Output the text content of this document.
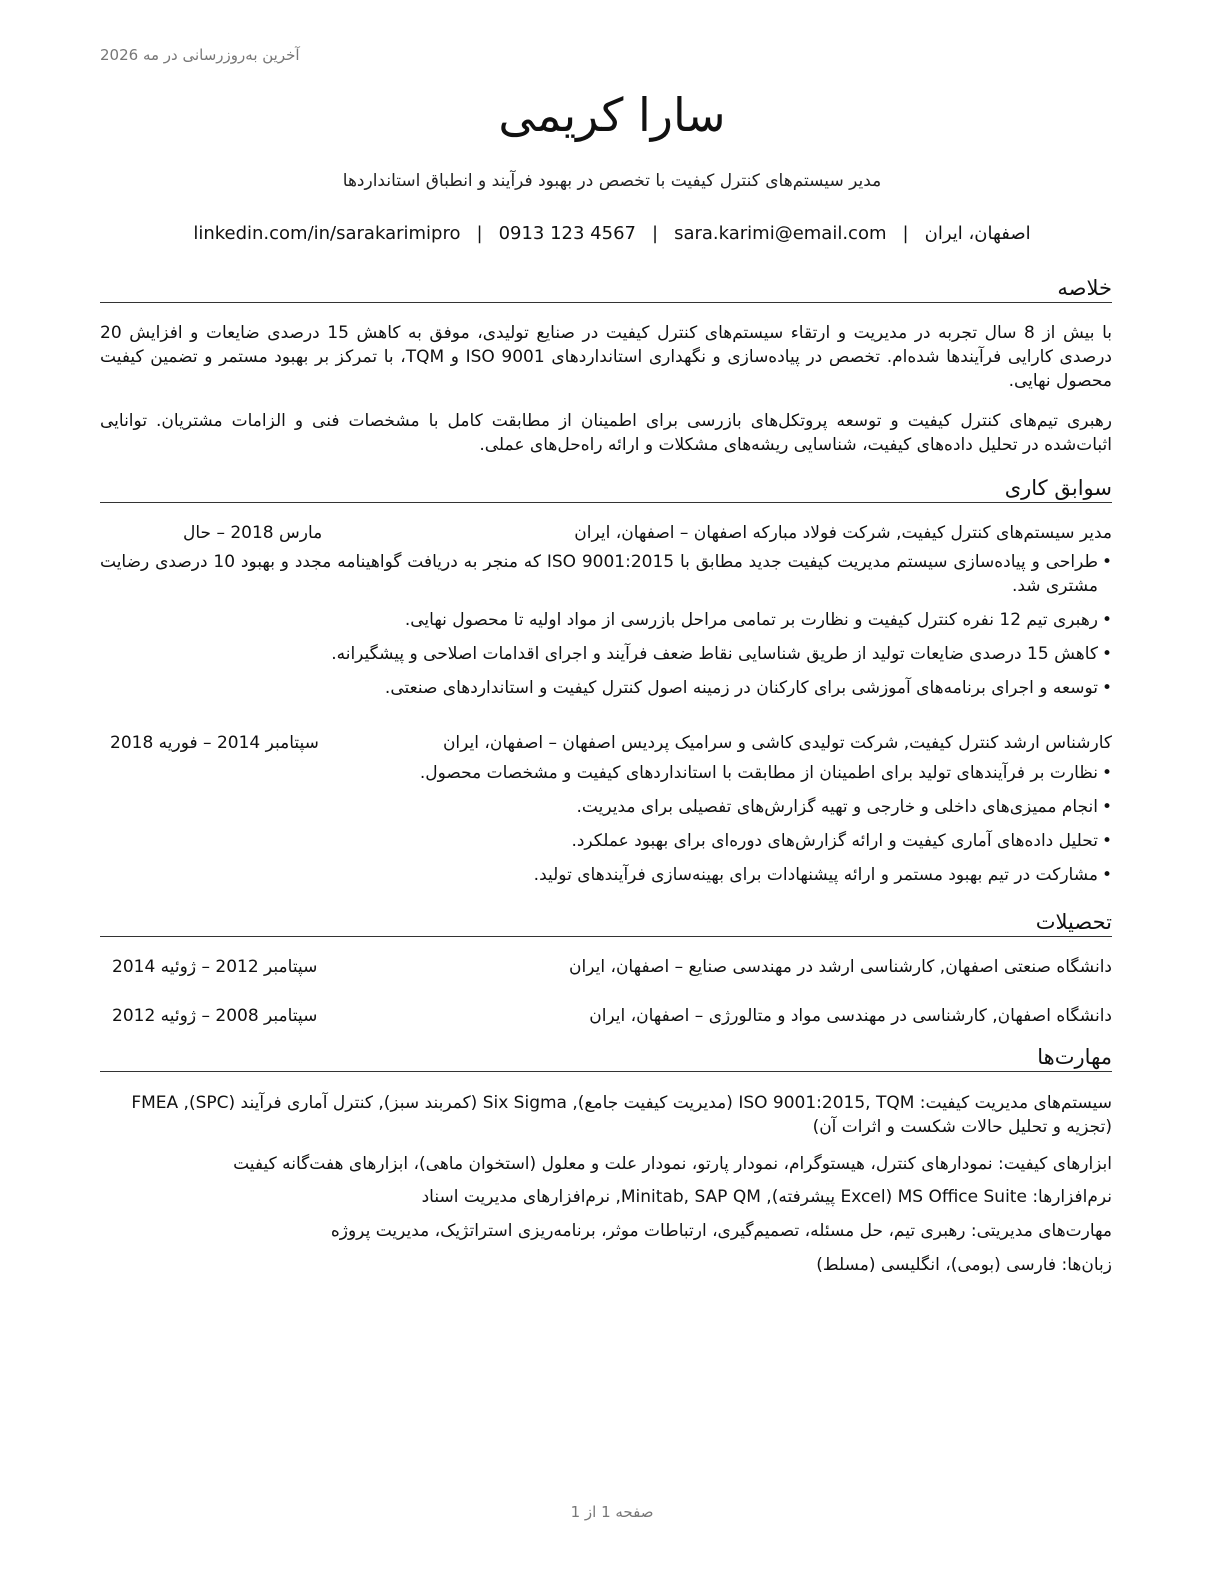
آخرین به‌روزرسانی در مه 2026
سارا کریمی
مدیر سیستم‌های کنترل کیفیت با تخصص در بهبود فرآیند و انطباق استانداردها
اصفهان، ایران|sara.karimi@email.com|0913 123 4567|linkedin.com/in/sarakarimipro
خلاصه

با بیش از 8 سال تجربه در مدیریت و ارتقاء سیستم‌های کنترل کیفیت در صنایع تولیدی، موفق به کاهش 15 درصدی ضایعات و افزایش 20 درصدی کارایی فرآیندها شده‌ام. تخصص در پیاده‌سازی و نگهداری استانداردهای ISO 9001 و TQM، با تمرکز بر بهبود مستمر و تضمین کیفیت محصول نهایی.

رهبری تیم‌های کنترل کیفیت و توسعه پروتکل‌های بازرسی برای اطمینان از مطابقت کامل با مشخصات فنی و الزامات مشتریان. توانایی اثبات‌شده در تحلیل داده‌های کیفیت، شناسایی ریشه‌های مشکلات و ارائه راه‌حل‌های عملی.

سوابق کاری
مدیر سیستم‌های کنترل کیفیت, شرکت فولاد مبارکه اصفهان – اصفهان، ایران
مارس 2018 – حال
• طراحی و پیاده‌سازی سیستم مدیریت کیفیت جدید مطابق با ISO 9001:2015 که منجر به دریافت گواهینامه مجدد و بهبود 10 درصدی رضایت مشتری شد.
• رهبری تیم 12 نفره کنترل کیفیت و نظارت بر تمامی مراحل بازرسی از مواد اولیه تا محصول نهایی.
• کاهش 15 درصدی ضایعات تولید از طریق شناسایی نقاط ضعف فرآیند و اجرای اقدامات اصلاحی و پیشگیرانه.
• توسعه و اجرای برنامه‌های آموزشی برای کارکنان در زمینه اصول کنترل کیفیت و استانداردهای صنعتی.
کارشناس ارشد کنترل کیفیت, شرکت تولیدی کاشی و سرامیک پردیس اصفهان – اصفهان، ایران
سپتامبر 2014 – فوریه 2018
• نظارت بر فرآیندهای تولید برای اطمینان از مطابقت با استانداردهای کیفیت و مشخصات محصول.
• انجام ممیزی‌های داخلی و خارجی و تهیه گزارش‌های تفصیلی برای مدیریت.
• تحلیل داده‌های آماری کیفیت و ارائه گزارش‌های دوره‌ای برای بهبود عملکرد.
• مشارکت در تیم بهبود مستمر و ارائه پیشنهادات برای بهینه‌سازی فرآیندهای تولید.
تحصیلات
دانشگاه صنعتی اصفهان, کارشناسی ارشد در مهندسی صنایع – اصفهان، ایران
سپتامبر 2012 – ژوئیه 2014
دانشگاه اصفهان, کارشناسی در مهندسی مواد و متالورژی – اصفهان، ایران
سپتامبر 2008 – ژوئیه 2012
مهارت‌ها

سیستم‌های مدیریت کیفیت: ISO 9001:2015, TQM (مدیریت کیفیت جامع), Six Sigma (کمربند سبز), کنترل آماری فرآیند (SPC), FMEA (تجزیه و تحلیل حالات شکست و اثرات آن)

ابزارهای کیفیت: نمودارهای کنترل، هیستوگرام، نمودار پارتو، نمودار علت و معلول (استخوان ماهی)، ابزارهای هفت‌گانه کیفیت

نرم‌افزارها: MS Office Suite (Excel پیشرفته), Minitab, SAP QM, نرم‌افزارهای مدیریت اسناد

مهارت‌های مدیریتی: رهبری تیم، حل مسئله، تصمیم‌گیری، ارتباطات موثر، برنامه‌ریزی استراتژیک، مدیریت پروژه

زبان‌ها: فارسی (بومی)، انگلیسی (مسلط)

صفحه 1 از 1
